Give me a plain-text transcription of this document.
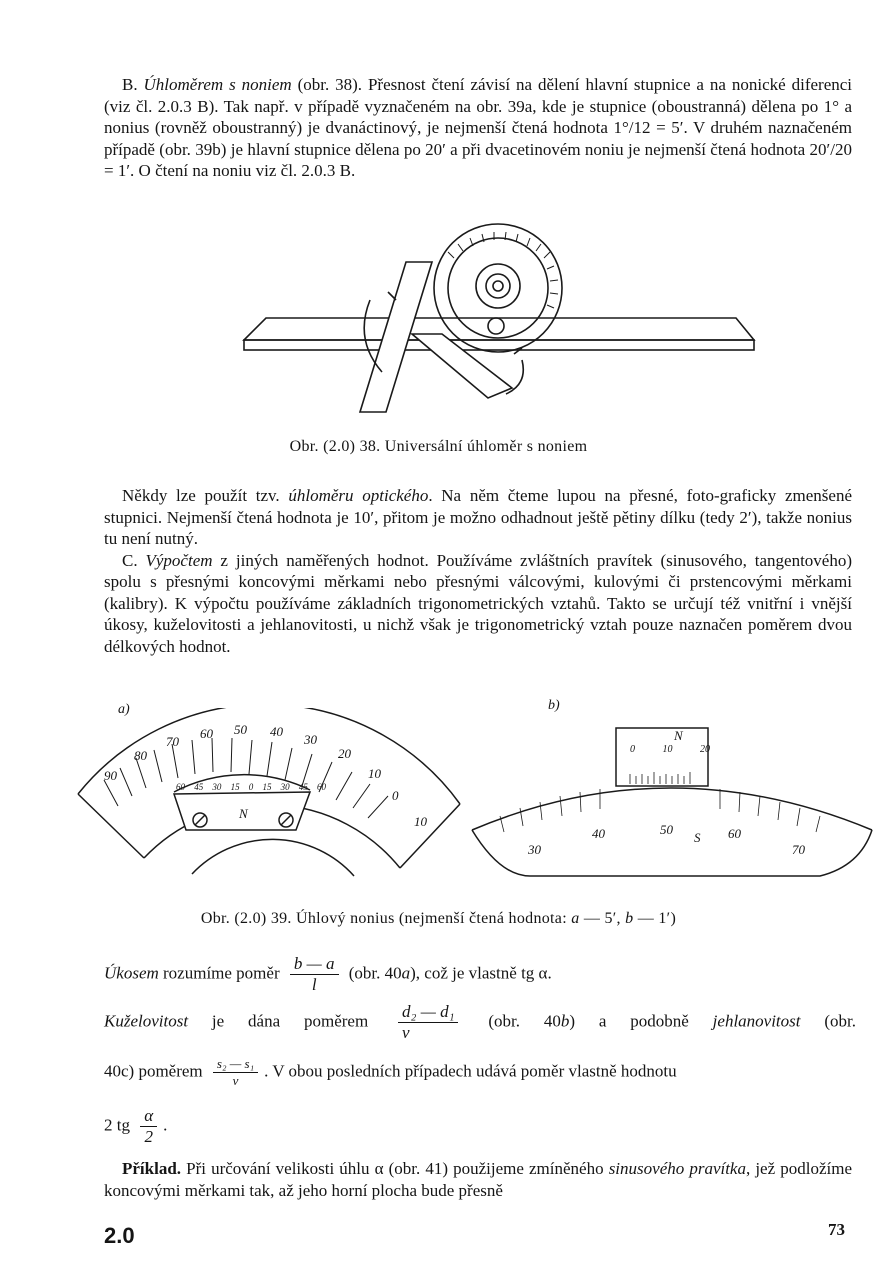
B. Úhloměrem s noniem (obr. 38). Přesnost čtení závisí na dělení hlavní stupnice a na nonické diferenci (viz čl. 2.0.3 B). Tak např. v případě vyznačeném na obr. 39a, kde je stupnice (oboustranná) dělena po 1° a nonius (rovněž oboustranný) je dvanáctinový, je nejmenší čtená hodnota 1°/12 = 5′. V druhém naznačeném případě (obr. 39b) je hlavní stupnice dělena po 20′ a při dvacetinovém noniu je nejmenší čtená hodnota 20′/20 = 1′. O čtení na noniu viz čl. 2.0.3 B.

Obr. (2.0) 38. Universální úhloměr s noniem

Někdy lze použít tzv. úhloměru optického. Na něm čteme lupou na přesné, foto-graficky zmenšené stupnici. Nejmenší čtená hodnota je 10′, přitom je možno odhadnout ještě pětiny dílku (tedy 2′), takže nonius tu není nutný.

C. Výpočtem z jiných naměřených hodnot. Používáme zvláštních pravítek (sinusového, tangentového) spolu s přesnými koncovými měrkami nebo přesnými válcovými, kulovými či prstencovými měrkami (kalibry). K výpočtu používáme základních trigonometrických vztahů. Takto se určují též vnitřní i vnější úkosy, kuželovitosti a jehlanovitosti, u nichž však je trigonometrický vztah pouze naznačen poměrem dvou délkových hodnot.

a)
90
80
70
60 50 40
30
20
10
0
10
60 45 30 15 0 15 30 45 60
N
b)
N
0	10	20
30
40	50	60
70
S
Obr. (2.0) 39. Úhlový nonius (nejmenší čtená hodnota: a — 5′, b — 1′)
Úkosem rozumíme poměr $\frac{b — a}{l} (obr$. 40a), což je vlastně tg α.
Kuželovitost je dána poměrem $\frac{\text{d₂ — d₁}}{v} (obr$. 40b) a podobně jehlanovitost (obr.
40c) poměrem $\frac{\text{s₂ — s₁}}{v}$ . V obou posledních případech udává poměr vlastně hodnotu
2 tg $\frac{\alpha}{2}$ .

Příklad. Při určování velikosti úhlu α (obr. 41) použijeme zmíněného sinusového pravítka, jež podložíme koncovými měrkami tak, až jeho horní plocha bude přesně

2.0	73
